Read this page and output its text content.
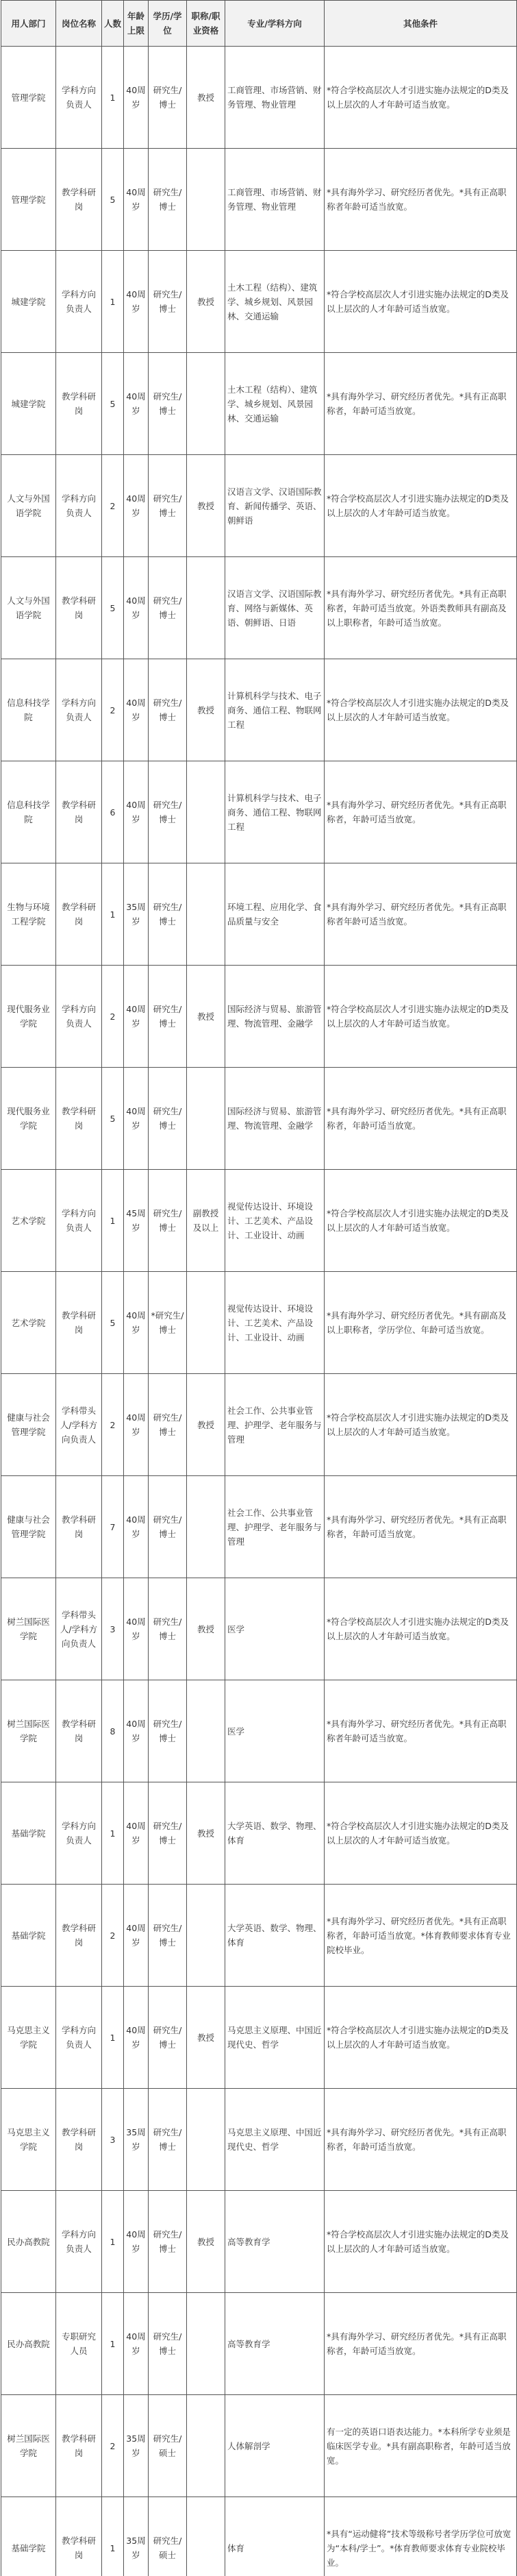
用人部门	岗位名称	人数	年龄上限	学历/学位	职称/职业资格	专业/学科方向	其他条件
管理学院	学科方向负责人	1	40周岁	研究生/博士	教授	工商管理、市场营销、财务管理、物业管理	*符合学校高层次人才引进实施办法规定的D类及以上层次的人才年龄可适当放宽。
管理学院	教学科研岗	5	40周岁	研究生/博士		工商管理、市场营销、财务管理、物业管理	*具有海外学习、研究经历者优先。*具有正高职称者年龄可适当放宽。
城建学院	学科方向负责人	1	40周岁	研究生/博士	教授	土木工程（结构）、建筑学、城乡规划、风景园林、交通运输	*符合学校高层次人才引进实施办法规定的D类及以上层次的人才年龄可适当放宽。
城建学院	教学科研岗	5	40周岁	研究生/博士		土木工程（结构）、建筑学、城乡规划、风景园林、交通运输	*具有海外学习、研究经历者优先。*具有正高职称者，年龄可适当放宽。
人文与外国语学院	学科方向负责人	2	40周岁	研究生/博士	教授	汉语言文学、汉语国际教育、新闻传播学、英语、朝鲜语	*符合学校高层次人才引进实施办法规定的D类及以上层次的人才年龄可适当放宽。
人文与外国语学院	教学科研岗	5	40周岁	研究生/博士		汉语言文学、汉语国际教育、网络与新媒体、英语、朝鲜语、日语	*具有海外学习、研究经历者优先。*具有正高职称者，年龄可适当放宽。外语类教师具有副高及以上职称者，年龄可适当放宽。
信息科技学院	学科方向负责人	2	40周岁	研究生/博士	教授	计算机科学与技术、电子商务、通信工程、物联网工程	*符合学校高层次人才引进实施办法规定的D类及以上层次的人才年龄可适当放宽。
信息科技学院	教学科研岗	6	40周岁	研究生/博士		计算机科学与技术、电子商务、通信工程、物联网工程	*具有海外学习、研究经历者优先。*具有正高职称者，年龄可适当放宽。
生物与环境工程学院	教学科研岗	1	35周岁	研究生/博士		环境工程、应用化学、食品质量与安全	*具有海外学习、研究经历者优先。*具有正高职称者年龄可适当放宽。
现代服务业学院	学科方向负责人	2	40周岁	研究生/博士	教授	国际经济与贸易、旅游管理、物流管理、金融学	*符合学校高层次人才引进实施办法规定的D类及以上层次的人才年龄可适当放宽。
现代服务业学院	教学科研岗	5	40周岁	研究生/博士		国际经济与贸易、旅游管理、物流管理、金融学	*具有海外学习、研究经历者优先。*具有正高职称者，年龄可适当放宽。
艺术学院	学科方向负责人	1	45周岁	研究生/博士	副教授及以上	视觉传达设计、环境设计、工艺美术、产品设计、工业设计、动画	*符合学校高层次人才引进实施办法规定的D类及以上层次的人才年龄可适当放宽。
艺术学院	教学科研岗	5	40周岁	*研究生/博士		视觉传达设计、环境设计、工艺美术、产品设计、工业设计、动画	*具有海外学习、研究经历者优先。*具有副高及以上职称者，学历学位、年龄可适当放宽。
健康与社会管理学院	学科带头人/学科方向负责人	2	40周岁	研究生/博士	教授	社会工作、公共事业管理、护理学、老年服务与管理	*符合学校高层次人才引进实施办法规定的D类及以上层次的人才年龄可适当放宽。
健康与社会管理学院	教学科研岗	7	40周岁	研究生/博士		社会工作、公共事业管理、护理学、老年服务与管理	*具有海外学习、研究经历者优先。*具有正高职称者，年龄可适当放宽。
树兰国际医学院	学科带头人/学科方向负责人	3	40周岁	研究生/博士	教授	医学	*符合学校高层次人才引进实施办法规定的D类及以上层次的人才年龄可适当放宽。
树兰国际医学院	教学科研岗	8	40周岁	研究生/博士		医学	*具有海外学习、研究经历者优先。*具有正高职称者年龄可适当放宽。
基础学院	学科方向负责人	1	40周岁	研究生/博士	教授	大学英语、数学、物理、体育	*符合学校高层次人才引进实施办法规定的D类及以上层次的人才年龄可适当放宽。
基础学院	教学科研岗	2	40周岁	研究生/博士		大学英语、数学、物理、体育	*具有海外学习、研究经历者优先。*具有正高职称者，年龄可适当放宽。*体育教师要求体育专业院校毕业。
马克思主义学院	学科方向负责人	1	40周岁	研究生/博士	教授	马克思主义原理、中国近现代史、哲学	*符合学校高层次人才引进实施办法规定的D类及以上层次的人才年龄可适当放宽。
马克思主义学院	教学科研岗	3	35周岁	研究生/博士		马克思主义原理、中国近现代史、哲学	*具有海外学习、研究经历者优先。*具有正高职称者，年龄可适当放宽。
民办高教院	学科方向负责人	1	40周岁	研究生/博士	教授	高等教育学	*符合学校高层次人才引进实施办法规定的D类及以上层次的人才年龄可适当放宽。
民办高教院	专职研究人员	1	40周岁	研究生/博士		高等教育学	*具有海外学习、研究经历者优先。*具有正高职称者，年龄可适当放宽。
树兰国际医学院	教学科研岗	2	35周岁	研究生/硕士		人体解剖学	有一定的英语口语表达能力。*本科所学专业须是临床医学专业。*具有副高职称者，年龄可适当放宽。
基础学院	教学科研岗	1	35周岁	研究生/硕士		体育	*具有“运动健将”技术等级称号者学历学位可放宽为“本科/学士”。*体育教师要求体育专业院校毕业。
